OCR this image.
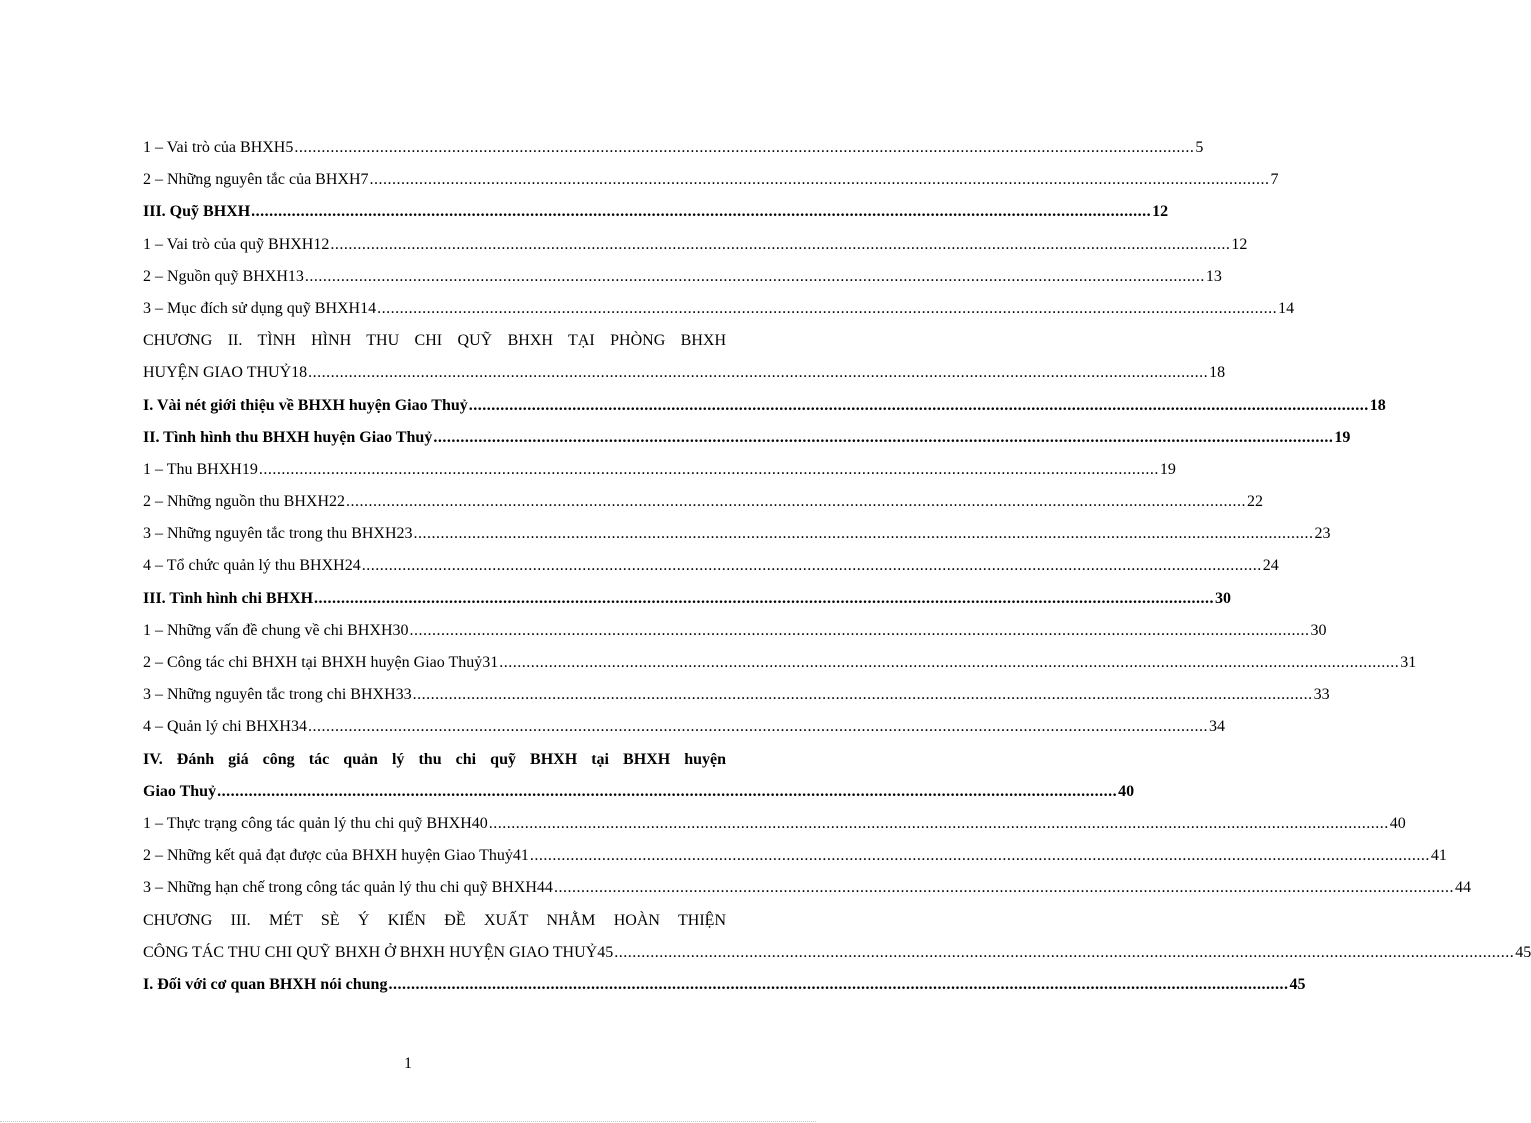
1 – Vai trò của BHXH5 ........................................................................................................................................................................................................ 5
2 – Những nguyên tắc của BHXH7 ........................................................................................................................................................................................................ 7
III. Quỹ BHXH ........................................................................................................................................................................................................ 12
1 – Vai trò của quỹ BHXH12 ........................................................................................................................................................................................................ 12
2 – Nguồn quỹ BHXH13 ........................................................................................................................................................................................................ 13
3 – Mục đích sử dụng quỹ BHXH14 ........................................................................................................................................................................................................ 14
CHƯƠNG II. TÌNH HÌNH THU CHI QUỸ BHXH TẠI PHÒNG BHXH
HUYỆN GIAO THUỶ18 ........................................................................................................................................................................................................ 18
I. Vài nét giới thiệu về BHXH huyện Giao Thuỷ ........................................................................................................................................................................................................ 18
II. Tình hình thu BHXH huyện Giao Thuỷ ........................................................................................................................................................................................................ 19
1 – Thu BHXH19 ........................................................................................................................................................................................................ 19
2 – Những nguồn thu BHXH22 ........................................................................................................................................................................................................ 22
3 – Những nguyên tắc trong thu BHXH23 ........................................................................................................................................................................................................ 23
4 – Tổ chức quản lý thu BHXH24 ........................................................................................................................................................................................................ 24
III. Tình hình chi BHXH ........................................................................................................................................................................................................ 30
1 – Những vấn đề chung về chi BHXH30 ........................................................................................................................................................................................................ 30
2 – Công tác chi BHXH tại BHXH huyện Giao Thuỷ31 ........................................................................................................................................................................................................ 31
3 – Những nguyên tắc trong chi BHXH33 ........................................................................................................................................................................................................ 33
4 – Quản lý chi BHXH34 ........................................................................................................................................................................................................ 34
IV. Đánh giá công tác quản lý thu chi quỹ BHXH tại BHXH huyện
Giao Thuỷ ........................................................................................................................................................................................................ 40
1 – Thực trạng công tác quản lý thu chi quỹ BHXH40 ........................................................................................................................................................................................................ 40
2 – Những kết quả đạt được của BHXH huyện Giao Thuỷ41 ........................................................................................................................................................................................................ 41
3 – Những hạn chế trong công tác quản lý thu chi quỹ BHXH44 ........................................................................................................................................................................................................ 44
CHƯƠNG III. MÉT SÈ Ý KIẾN ĐỀ XUẤT NHẰM HOÀN THIỆN
CÔNG TÁC THU CHI QUỸ BHXH Ở BHXH HUYỆN GIAO THUỶ45 ........................................................................................................................................................................................................ 45
I. Đối với cơ quan BHXH nói chung ........................................................................................................................................................................................................ 45
1
